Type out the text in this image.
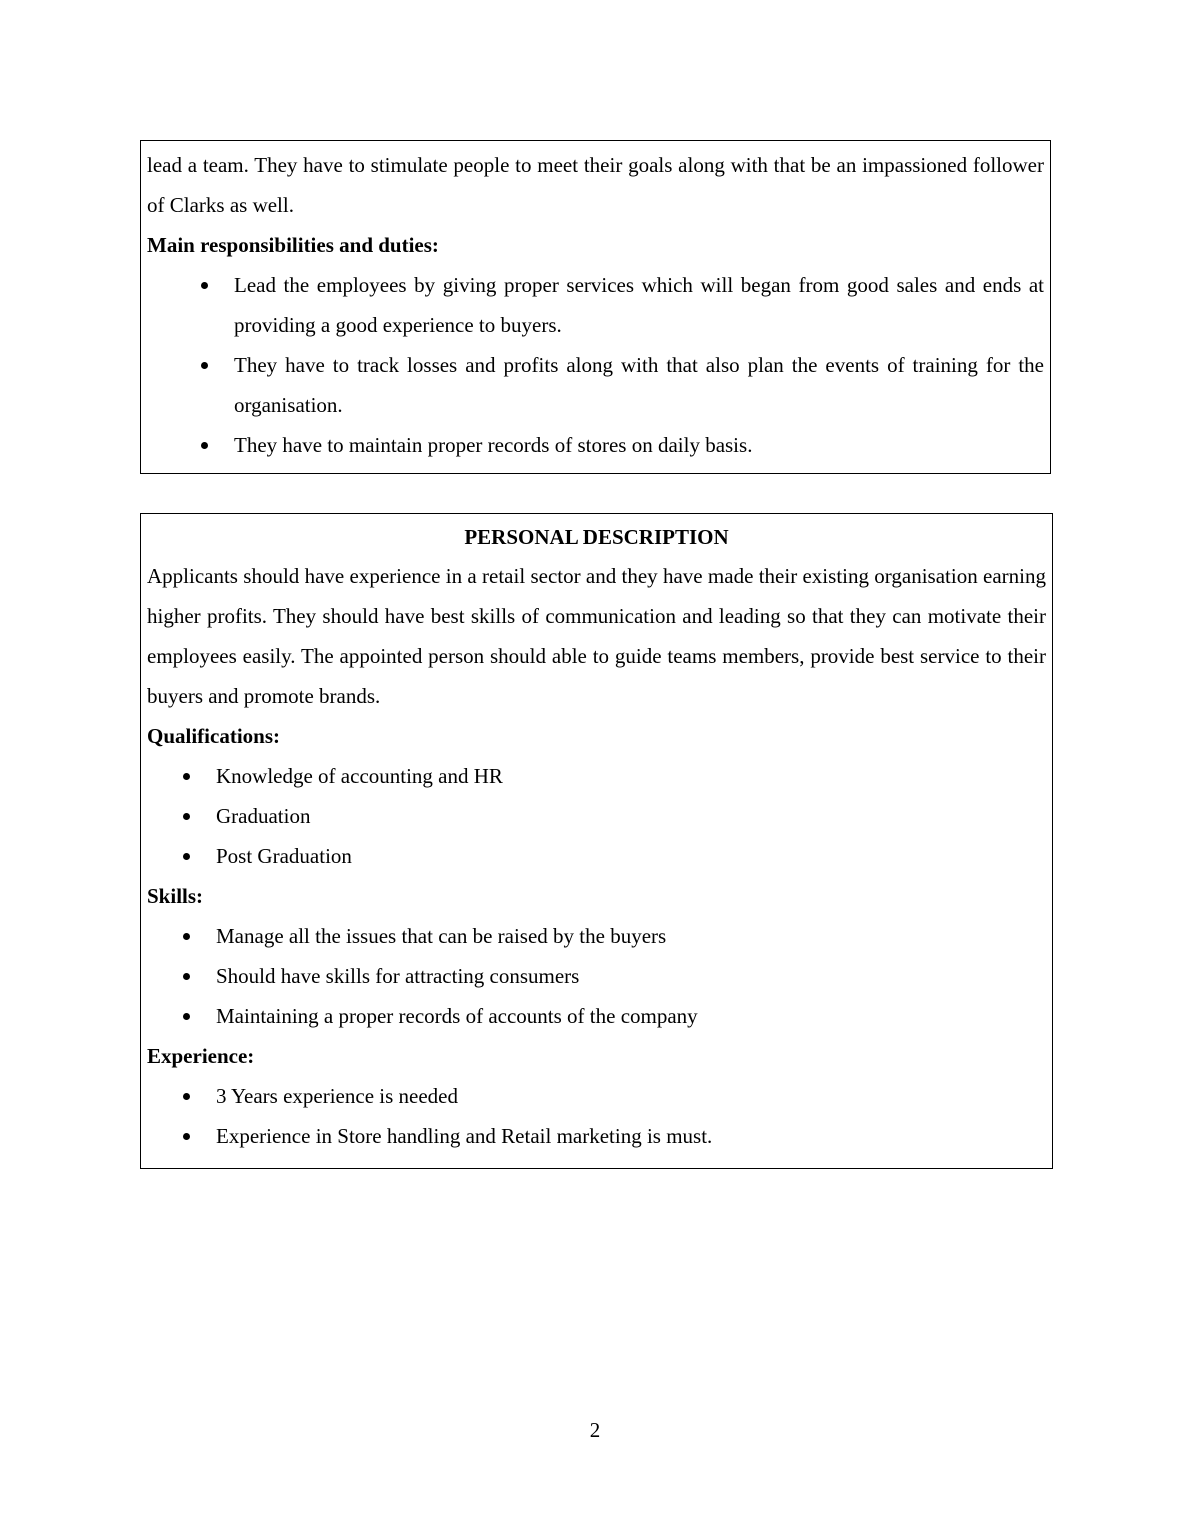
lead a team. They have to stimulate people to meet their goals along with that be an impassioned follower of Clarks as well.

Main responsibilities and duties:
Lead the employees by giving proper services which will began from good sales and ends at providing a good experience to buyers.
They have to track losses and profits along with that also plan the events of training for the organisation.
They have to maintain proper records of stores on daily basis.
PERSONAL DESCRIPTION

Applicants should have experience in a retail sector and they have made their existing organisation earning higher profits. They should have best skills of communication and leading so that they can motivate their employees easily. The appointed person should able to guide teams members, provide best service to their buyers and promote brands.

Qualifications:
Knowledge of accounting and HR
Graduation
Post Graduation
Skills:
Manage all the issues that can be raised by the buyers
Should have skills for attracting consumers
Maintaining a proper records of accounts of the company
Experience:
3 Years experience is needed
Experience in Store handling and Retail marketing is must.
2
